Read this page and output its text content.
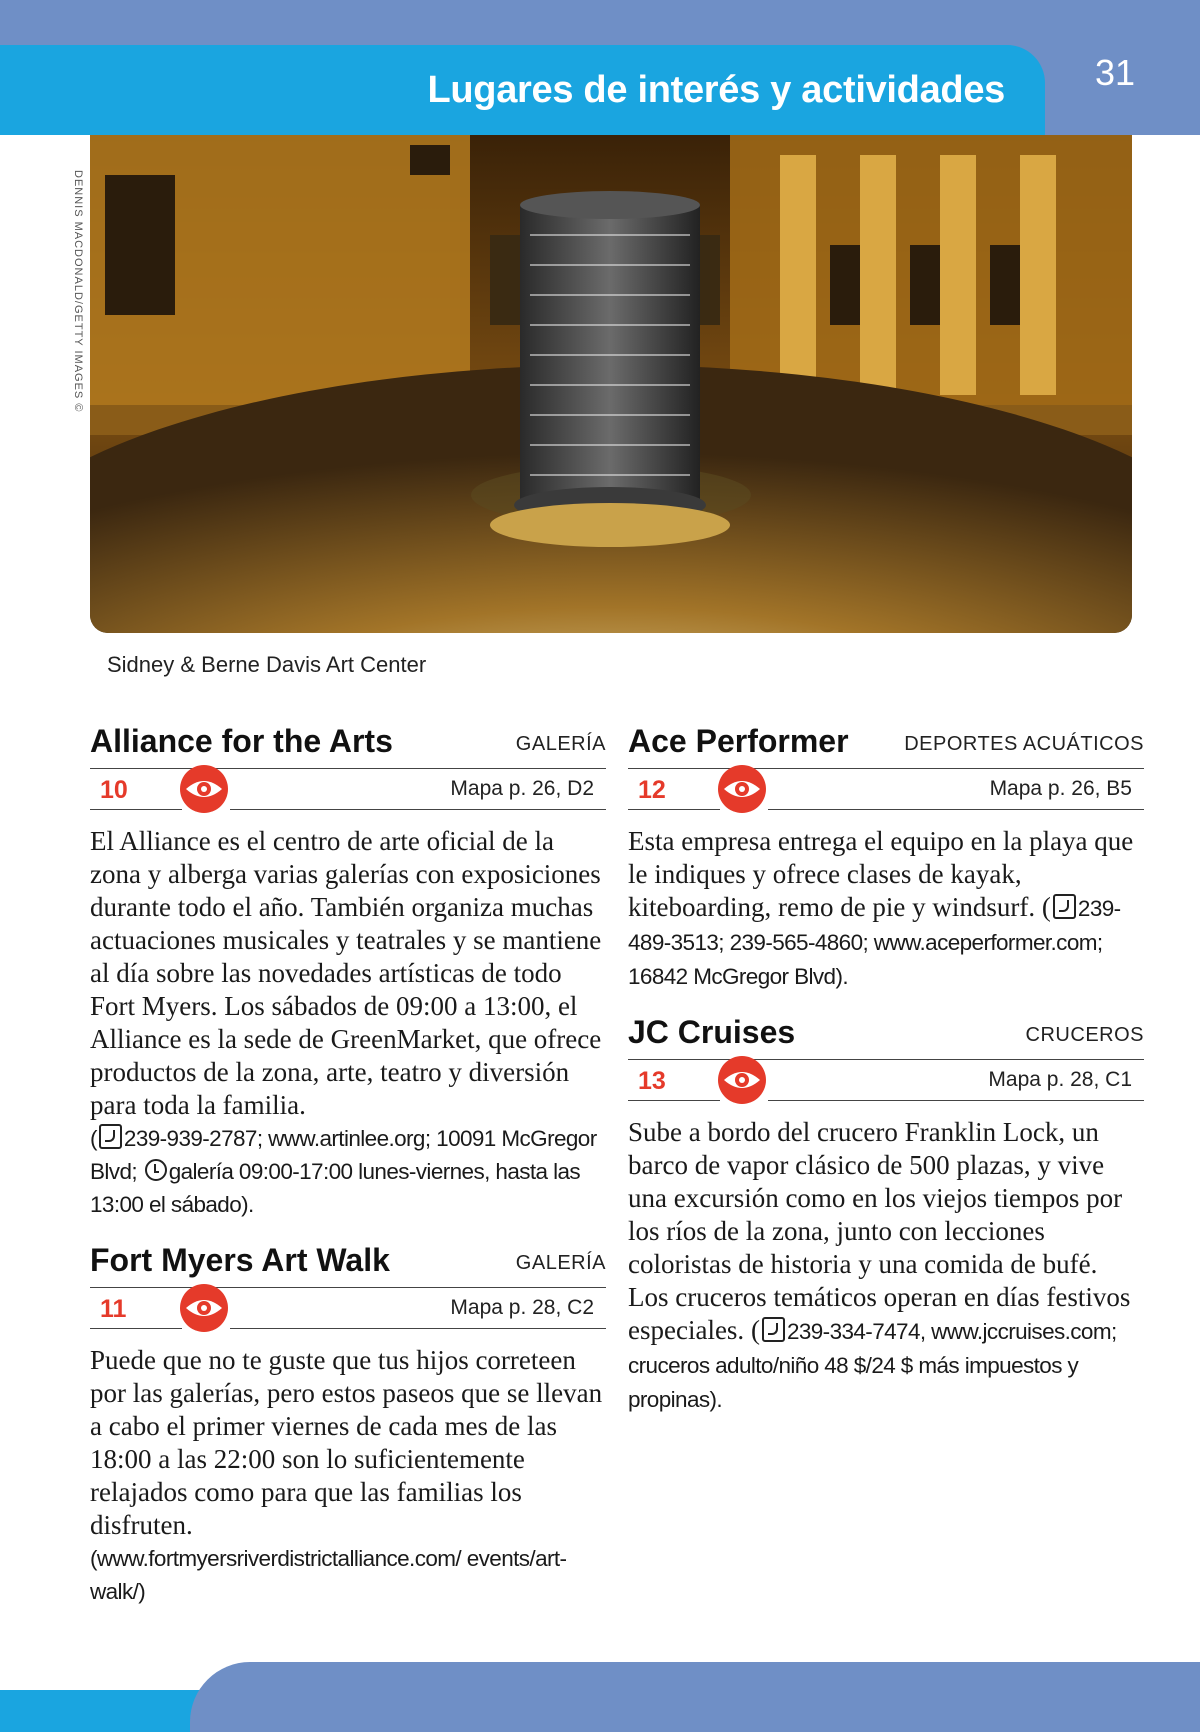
Lugares de interés y actividades	31
DENNIS MACDONALD/GETTY IMAGES ©
Sidney & Berne Davis Art Center
Alliance for the Arts	GALERÍA
10	Mapa p. 26, D2
El Alliance es el centro de arte oficial de la zona y alberga varias galerías con exposiciones durante todo el año. También organiza muchas actuaciones musicales y teatrales y se mantiene al día sobre las novedades artísticas de todo Fort Myers. Los sábados de 09:00 a 13:00, el Alliance es la sede de GreenMarket, que ofrece productos de la zona, arte, teatro y diversión para toda la familia.
( 239-939-2787; www.artinlee.org; 10091 McGregor Blvd; galería 09:00-17:00 lunes-viernes, hasta las 13:00 el sábado).
Fort Myers Art Walk	GALERÍA
11	Mapa p. 28, C2
Puede que no te guste que tus hijos correteen por las galerías, pero estos paseos que se llevan a cabo el primer viernes de cada mes de las 18:00 a las 22:00 son lo suficientemente relajados como para que las familias los disfruten.
(www.fortmyersriverdistrictalliance.com/ events/art-walk/)
Ace Performer	DEPORTES ACUÁTICOS
12	Mapa p. 26, B5
Esta empresa entrega el equipo en la playa que le indiques y ofrece clases de kayak, kiteboarding, remo de pie y windsurf. ( 239-489-3513; 239-565-4860; www.aceperformer.com; 16842 McGregor Blvd).
JC Cruises	CRUCEROS
13	Mapa p. 28, C1
Sube a bordo del crucero Franklin Lock, un barco de vapor clásico de 500 plazas, y vive una excursión como en los viejos tiempos por los ríos de la zona, junto con lecciones coloristas de historia y una comida de bufé. Los cruceros temáticos operan en días festivos especiales. ( 239-334-7474, www.jccruises.com; cruceros adulto/niño 48 $/24 $ más impuestos y propinas).
